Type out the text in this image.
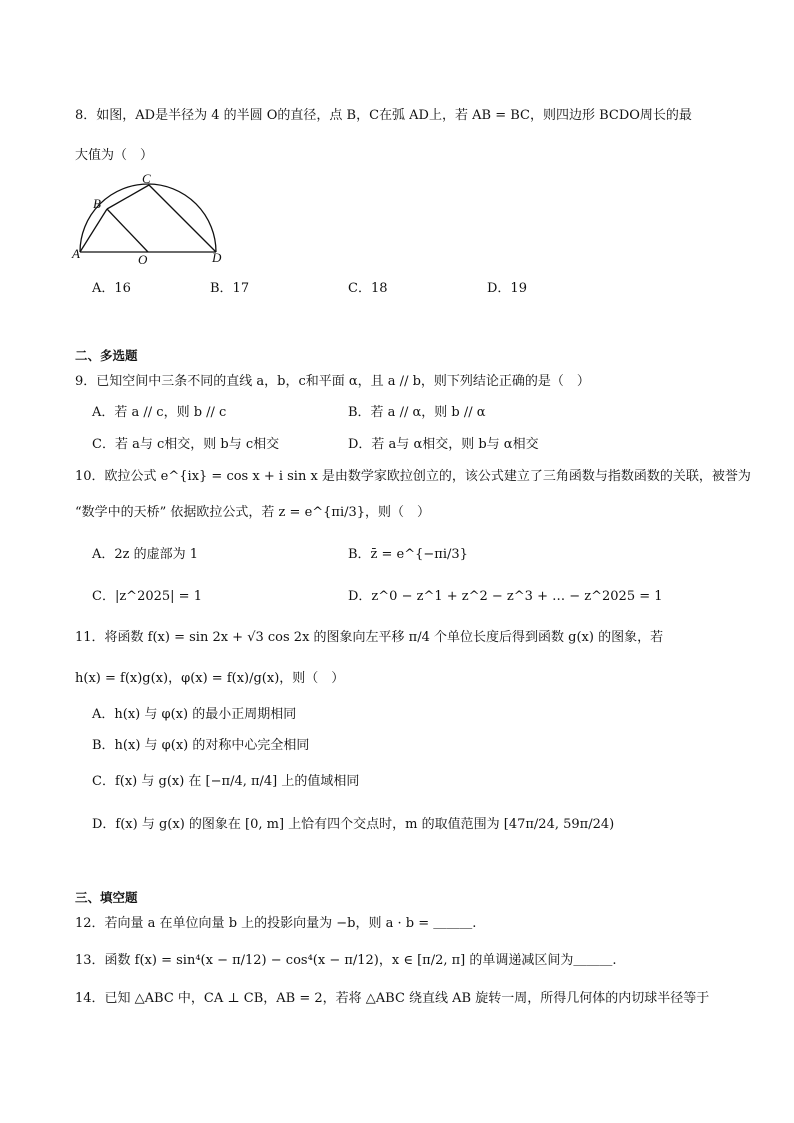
8．如图，AD是半径为 4 的半圆 O的直径，点 B，C在弧 AD上，若 AB = BC，则四边形 BCDO周长的最
大值为（　）
A
B
C
D
O
A．16	B．17	C．18	D．19
二、多选题
9．已知空间中三条不同的直线 a，b，c和平面 α，且 a // b，则下列结论正确的是（　）
A．若 a // c，则 b // c	B．若 a // α，则 b // α
C．若 a与 c相交，则 b与 c相交	D．若 a与 α相交，则 b与 α相交
10．欧拉公式 e^{ix} = cos x + i sin x 是由数学家欧拉创立的，该公式建立了三角函数与指数函数的关联，被誉为
“数学中的天桥” 依据欧拉公式，若 z = e^{πi/3}，则（　）
A．2z 的虚部为 1	B．z̄ = e^{−πi/3}
C．|z^2025| = 1	D．z^0 − z^1 + z^2 − z^3 + … − z^2025 = 1
11．将函数 f(x) = sin 2x + √3 cos 2x 的图象向左平移 π/4 个单位长度后得到函数 g(x) 的图象，若
h(x) = f(x)g(x)，φ(x) = f(x)/g(x)，则（　）
A．h(x) 与 φ(x) 的最小正周期相同
B．h(x) 与 φ(x) 的对称中心完全相同
C．f(x) 与 g(x) 在 [−π/4, π/4] 上的值域相同
D．f(x) 与 g(x) 的图象在 [0, m] 上恰有四个交点时，m 的取值范围为 [47π/24, 59π/24)
三、填空题
12．若向量 a 在单位向量 b 上的投影向量为 −b，则 a · b = ＿＿＿.
13．函数 f(x) = sin⁴(x − π/12) − cos⁴(x − π/12)，x ∈ [π/2, π] 的单调递减区间为＿＿＿.
14．已知 △ABC 中，CA ⊥ CB，AB = 2，若将 △ABC 绕直线 AB 旋转一周，所得几何体的内切球半径等于
